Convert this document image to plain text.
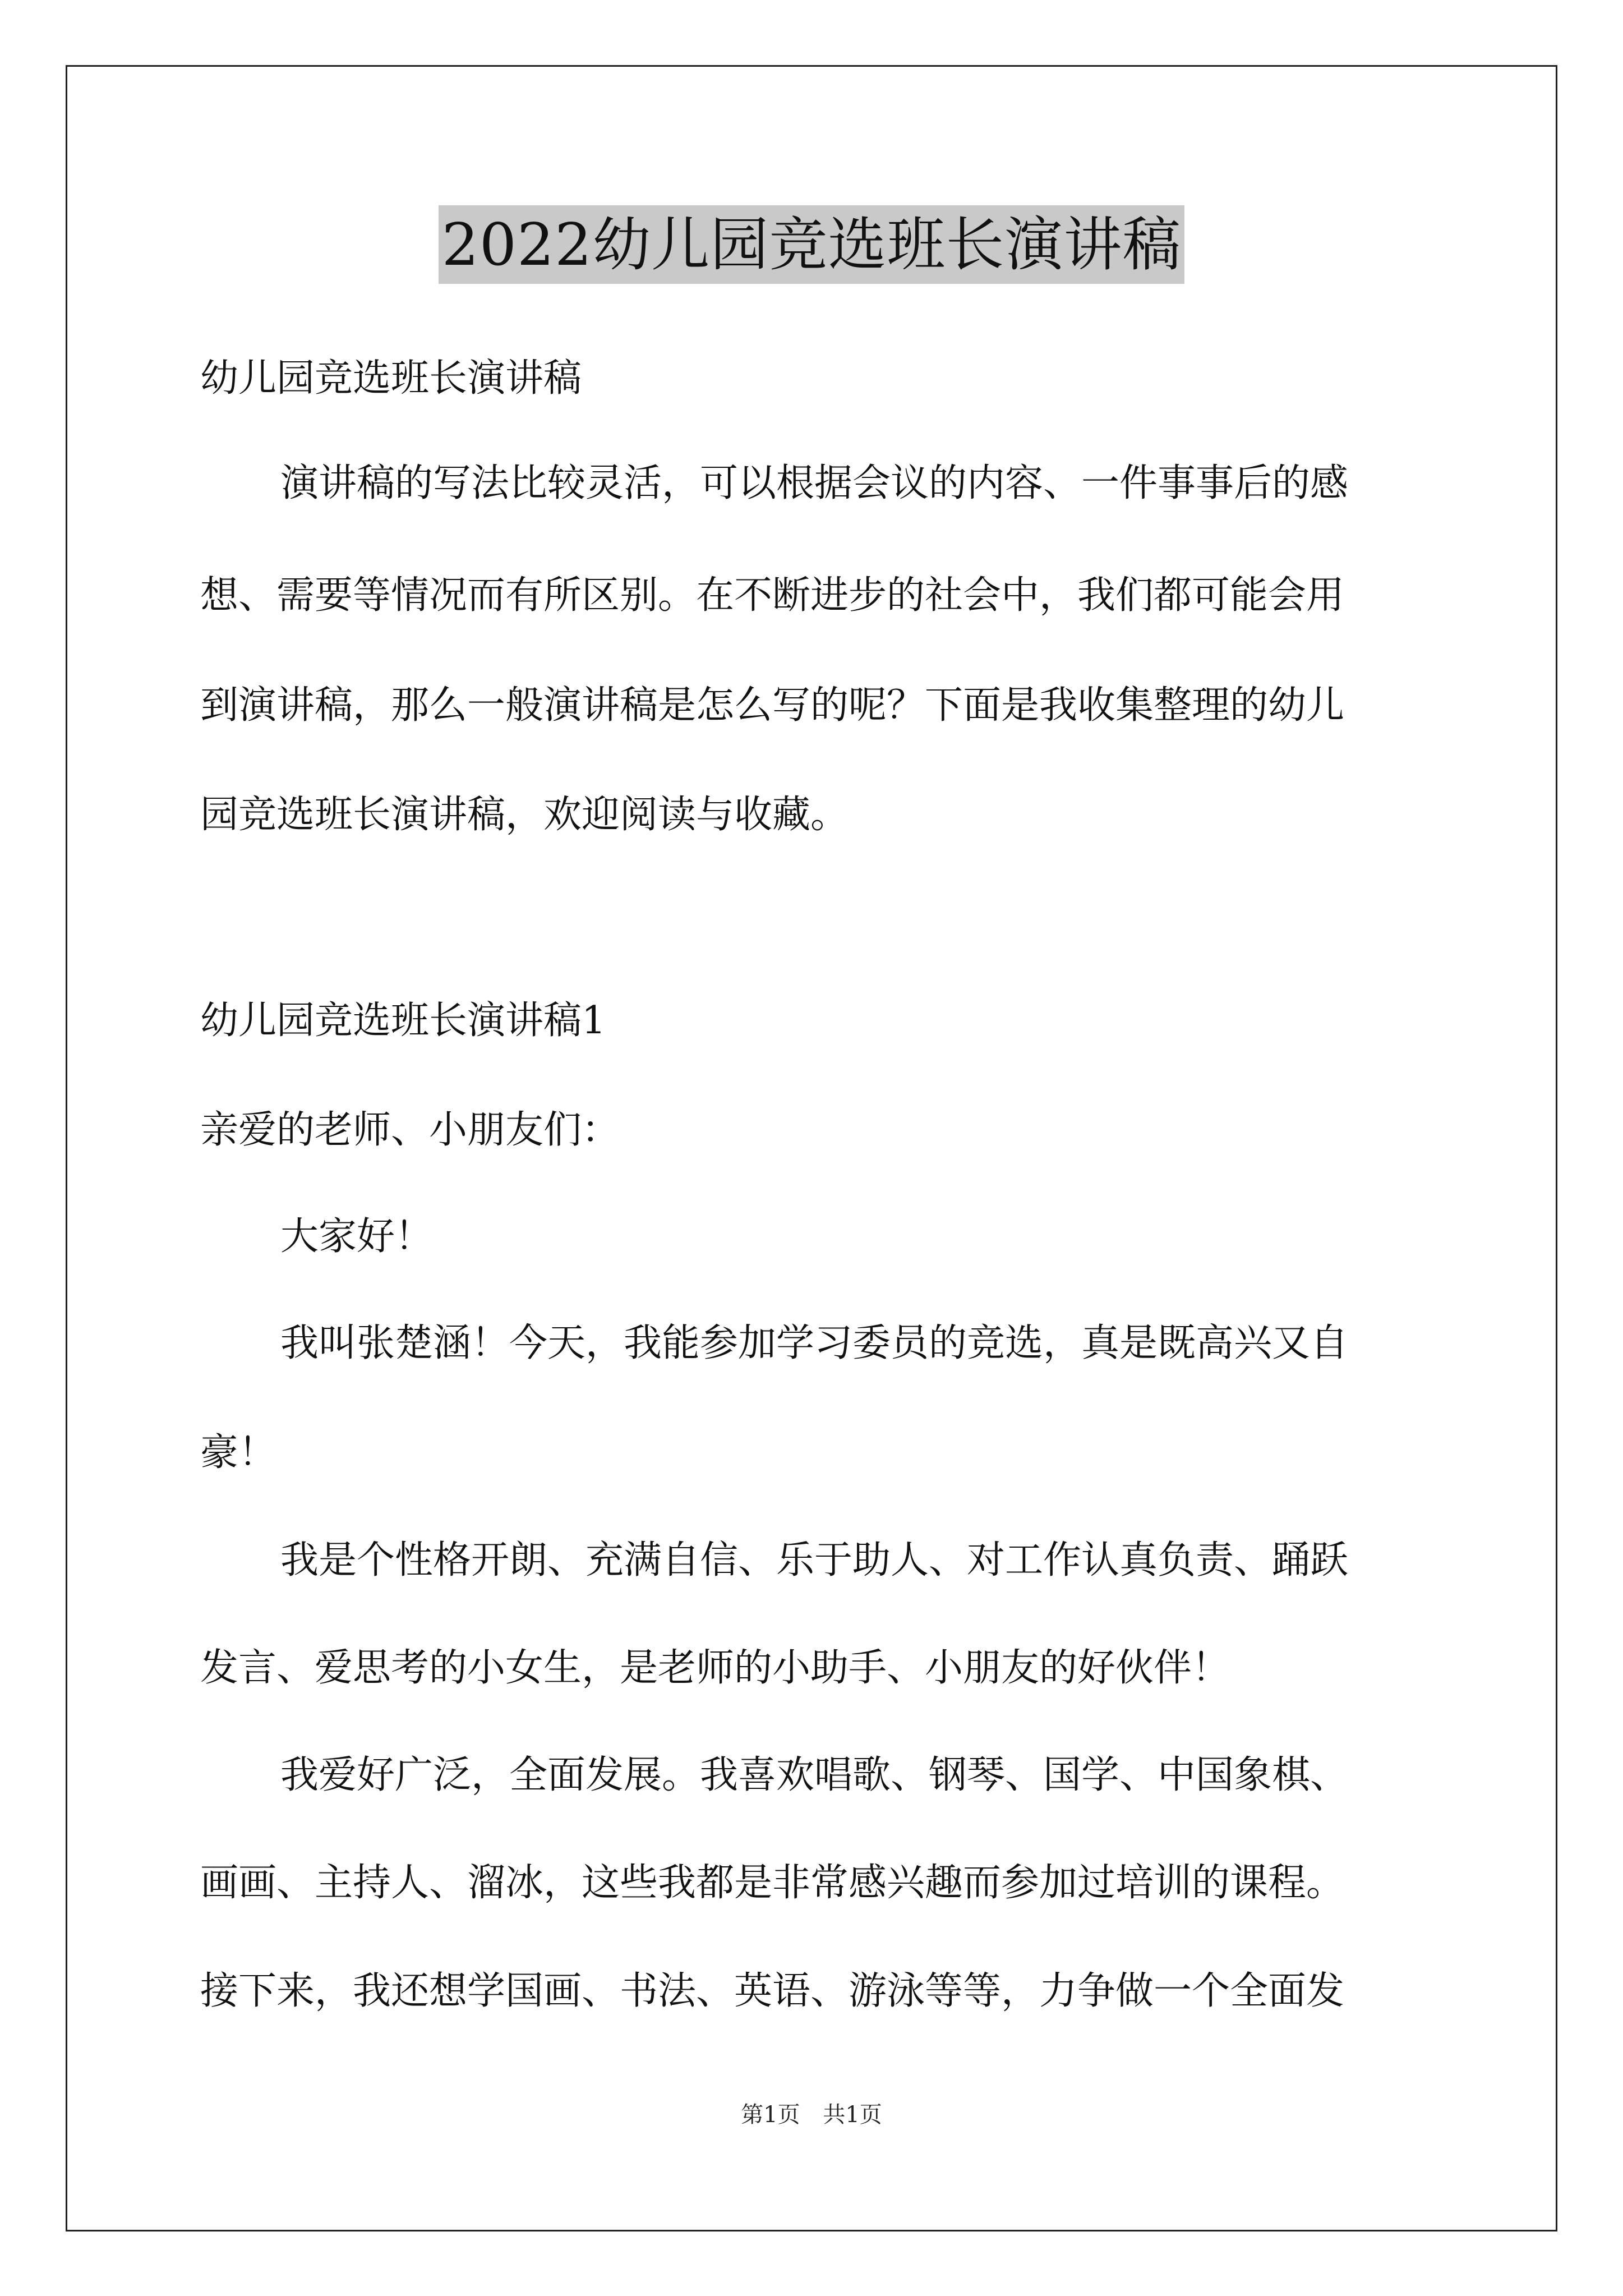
2022幼儿园竞选班长演讲稿
幼儿园竞选班长演讲稿
演讲稿的写法比较灵活，可以根据会议的内容、一件事事后的感
想、需要等情况而有所区别。在不断进步的社会中，我们都可能会用
到演讲稿，那么一般演讲稿是怎么写的呢？下面是我收集整理的幼儿
园竞选班长演讲稿，欢迎阅读与收藏。
幼儿园竞选班长演讲稿1
亲爱的老师、小朋友们：
大家好！
我叫张楚涵！今天，我能参加学习委员的竞选，真是既高兴又自
豪！
我是个性格开朗、充满自信、乐于助人、对工作认真负责、踊跃
发言、爱思考的小女生，是老师的小助手、小朋友的好伙伴！
我爱好广泛，全面发展。我喜欢唱歌、钢琴、国学、中国象棋、
画画、主持人、溜冰，这些我都是非常感兴趣而参加过培训的课程。
接下来，我还想学国画、书法、英语、游泳等等，力争做一个全面发
第1页 共1页
